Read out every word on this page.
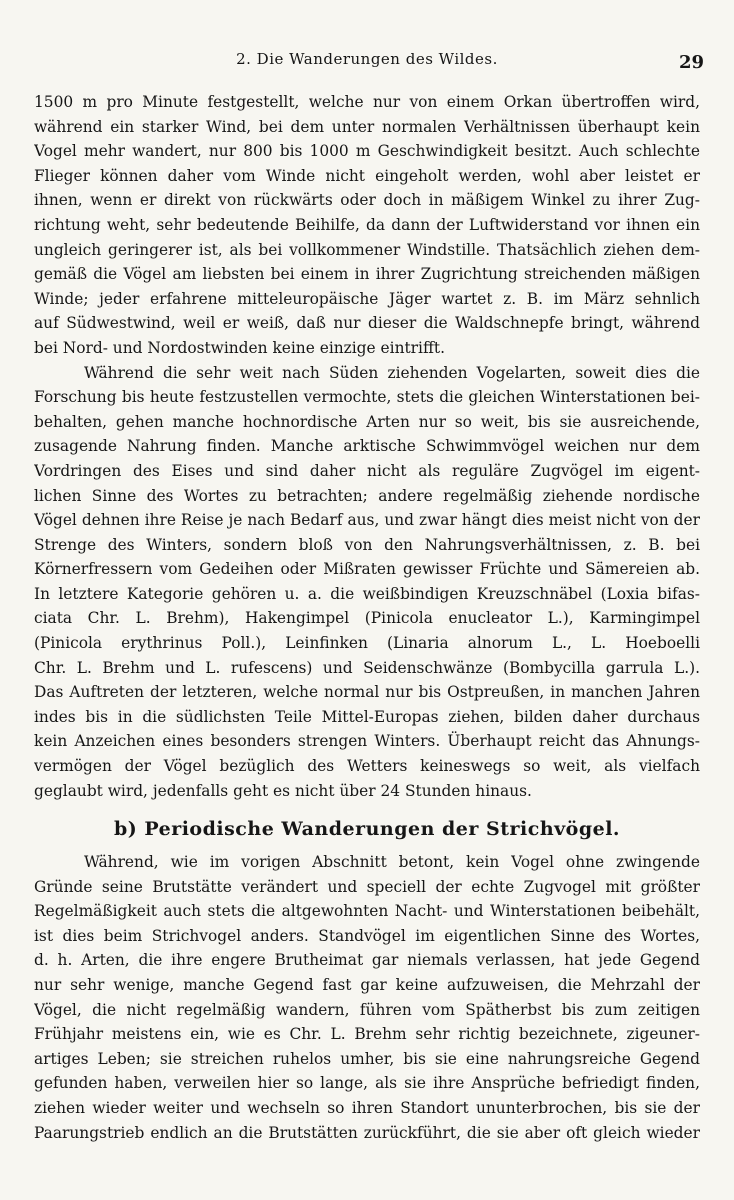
2. Die Wanderungen des Wildes.	29
1500 m pro Minute festgestellt, welche nur von einem Orkan übertroffen wird,
während ein starker Wind, bei dem unter normalen Verhältnissen überhaupt kein
Vogel mehr wandert, nur 800 bis 1000 m Geschwindigkeit besitzt. Auch schlechte
Flieger können daher vom Winde nicht eingeholt werden, wohl aber leistet er
ihnen, wenn er direkt von rückwärts oder doch in mäßigem Winkel zu ihrer Zug-
richtung weht, sehr bedeutende Beihilfe, da dann der Luftwiderstand vor ihnen ein
ungleich geringerer ist, als bei vollkommener Windstille. Thatsächlich ziehen dem-
gemäß die Vögel am liebsten bei einem in ihrer Zugrichtung streichenden mäßigen
Winde; jeder erfahrene mitteleuropäische Jäger wartet z. B. im März sehnlich
auf Südwestwind, weil er weiß, daß nur dieser die Waldschnepfe bringt, während
bei Nord- und Nordostwinden keine einzige eintrifft.
Während die sehr weit nach Süden ziehenden Vogelarten, soweit dies die
Forschung bis heute festzustellen vermochte, stets die gleichen Winterstationen bei-
behalten, gehen manche hochnordische Arten nur so weit, bis sie ausreichende,
zusagende Nahrung finden. Manche arktische Schwimmvögel weichen nur dem
Vordringen des Eises und sind daher nicht als reguläre Zugvögel im eigent-
lichen Sinne des Wortes zu betrachten; andere regelmäßig ziehende nordische
Vögel dehnen ihre Reise je nach Bedarf aus, und zwar hängt dies meist nicht von der
Strenge des Winters, sondern bloß von den Nahrungsverhältnissen, z. B. bei
Körnerfressern vom Gedeihen oder Mißraten gewisser Früchte und Sämereien ab.
In letztere Kategorie gehören u. a. die weißbindigen Kreuzschnäbel (Loxia bifas-
ciata Chr. L. Brehm), Hakengimpel (Pinicola enucleator L.), Karmingimpel
(Pinicola erythrinus Poll.), Leinfinken (Linaria alnorum L., L. Hoeboelli
Chr. L. Brehm und L. rufescens) und Seidenschwänze (Bombycilla garrula L.).
Das Auftreten der letzteren, welche normal nur bis Ostpreußen, in manchen Jahren
indes bis in die südlichsten Teile Mittel-Europas ziehen, bilden daher durchaus
kein Anzeichen eines besonders strengen Winters. Überhaupt reicht das Ahnungs-
vermögen der Vögel bezüglich des Wetters keineswegs so weit, als vielfach
geglaubt wird, jedenfalls geht es nicht über 24 Stunden hinaus.
b) Periodische Wanderungen der Strichvögel.
Während, wie im vorigen Abschnitt betont, kein Vogel ohne zwingende
Gründe seine Brutstätte verändert und speciell der echte Zugvogel mit größter
Regelmäßigkeit auch stets die altgewohnten Nacht- und Winterstationen beibehält,
ist dies beim Strichvogel anders. Standvögel im eigentlichen Sinne des Wortes,
d. h. Arten, die ihre engere Brutheimat gar niemals verlassen, hat jede Gegend
nur sehr wenige, manche Gegend fast gar keine aufzuweisen, die Mehrzahl der
Vögel, die nicht regelmäßig wandern, führen vom Spätherbst bis zum zeitigen
Frühjahr meistens ein, wie es Chr. L. Brehm sehr richtig bezeichnete, zigeuner-
artiges Leben; sie streichen ruhelos umher, bis sie eine nahrungsreiche Gegend
gefunden haben, verweilen hier so lange, als sie ihre Ansprüche befriedigt finden,
ziehen wieder weiter und wechseln so ihren Standort ununterbrochen, bis sie der
Paarungstrieb endlich an die Brutstätten zurückführt, die sie aber oft gleich wieder
